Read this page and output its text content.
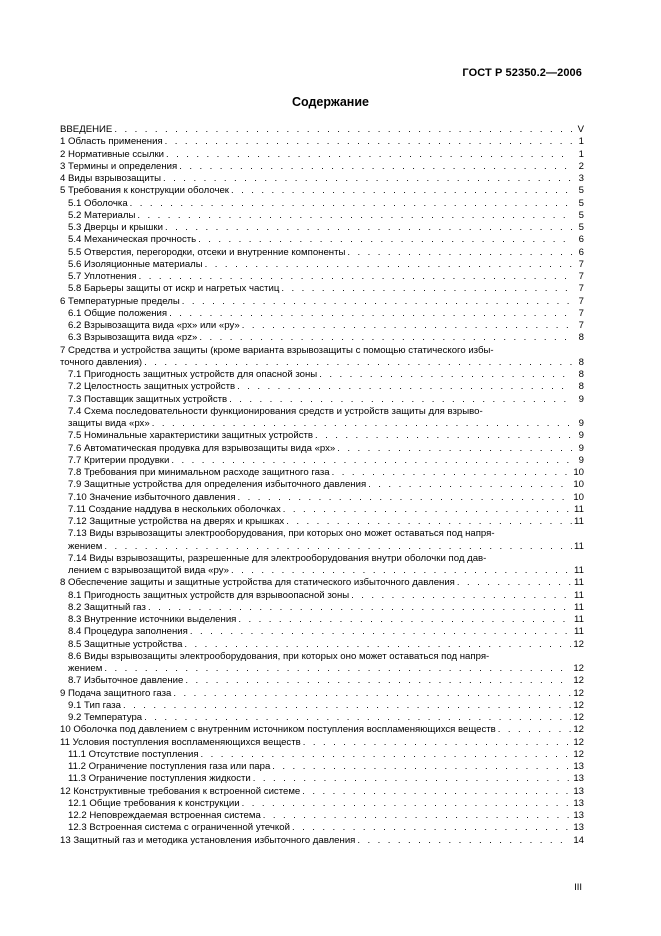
ГОСТ Р 52350.2—2006
Содержание
ВВЕДЕНИЕ . . .	V
1 Область применения . . .	1
2 Нормативные ссылки . . .	1
3 Термины и определения . . .	2
4 Виды взрывозащиты . . .	3
5 Требования к конструкции оболочек . . .	5
5.1 Оболочка . . .	5
5.2 Материалы . . .	5
5.3 Дверцы и крышки . . .	5
5.4 Механическая прочность . . .	6
5.5 Отверстия, перегородки, отсеки и внутренние компоненты . . .	6
5.6 Изоляционные материалы . . .	7
5.7 Уплотнения . . .	7
5.8 Барьеры защиты от искр и нагретых частиц . . .	7
6 Температурные пределы . . .	7
6.1 Общие положения . . .	7
6.2 Взрывозащита вида «рх» или «ру» . . .	7
6.3 Взрывозащита вида «рz» . . .	8
7 Средства и устройства защиты (кроме варианта взрывозащиты с помощью статического избы-
точного давления) . . .	8
7.1 Пригодность защитных устройств для опасной зоны . . .	8
7.2 Целостность защитных устройств . . .	8
7.3 Поставщик защитных устройств . . .	9
7.4 Схема последовательности функционирования средств и устройств защиты для взрыво-
защиты вида «рх» . . .	9
7.5 Номинальные характеристики защитных устройств . . .	9
7.6 Автоматическая продувка для взрывозащиты вида «рх» . . .	9
7.7 Критерии продувки . . .	9
7.8 Требования при минимальном расходе защитного газа . . .	10
7.9 Защитные устройства для определения избыточного давления . . .	10
7.10 Значение избыточного давления . . .	10
7.11 Создание наддува в нескольких оболочках . . .	11
7.12 Защитные устройства на дверях и крышках . . .	11
7.13 Виды взрывозащиты электрооборудования, при которых оно может оставаться под напря-
жением . . .	11
7.14 Виды взрывозащиты, разрешенные для электрооборудования внутри оболочки под дав-
лением с взрывозащитой вида «ру» . . .	11
8 Обеспечение защиты и защитные устройства для статического избыточного давления . . .	11
8.1 Пригодность защитных устройств для взрывоопасной зоны . . .	11
8.2 Защитный газ . . .	11
8.3 Внутренние источники выделения . . .	11
8.4 Процедура заполнения . . .	11
8.5 Защитные устройства . . .	12
8.6 Виды взрывозащиты электрооборудования, при которых оно может оставаться под напря-
жением . . .	12
8.7 Избыточное давление . . .	12
9 Подача защитного газа . . .	12
9.1 Тип газа . . .	12
9.2 Температура . . .	12
10 Оболочка под давлением с внутренним источником поступления воспламеняющихся веществ . . .	12
11 Условия поступления воспламеняющихся веществ . . .	12
11.1 Отсутствие поступления . . .	12
11.2 Ограничение поступления газа или пара . . .	13
11.3 Ограничение поступления жидкости . . .	13
12 Конструктивные требования к встроенной системе . . .	13
12.1 Общие требования к конструкции . . .	13
12.2 Неповреждаемая встроенная система . . .	13
12.3 Встроенная система с ограниченной утечкой . . .	13
13 Защитный газ и методика установления избыточного давления . . .	14
III
